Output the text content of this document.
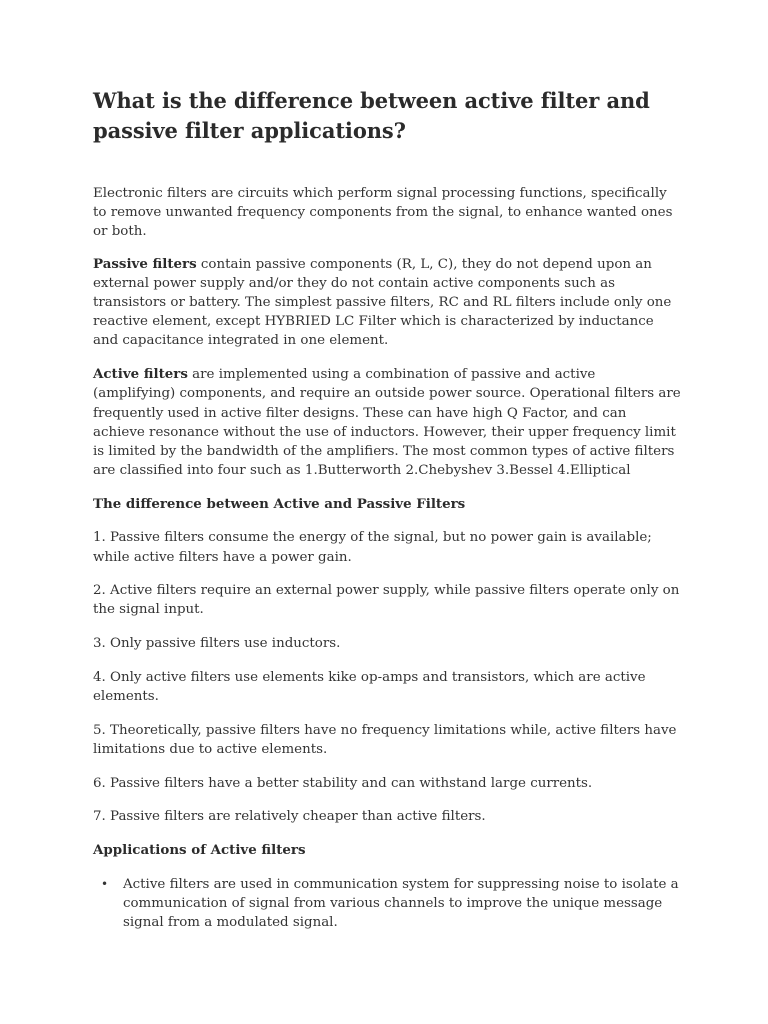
What is the difference between active filter and passive filter applications?

Electronic filters are circuits which perform signal processing functions, specifically to remove unwanted frequency components from the signal, to enhance wanted ones or both.

Passive filters contain passive components (R, L, C), they do not depend upon an external power supply and/or they do not contain active components such as transistors or battery. The simplest passive filters, RC and RL filters include only one reactive element, except HYBRIED LC Filter which is characterized by inductance and capacitance integrated in one element.

Active filters are implemented using a combination of passive and active (amplifying) components, and require an outside power source. Operational filters are frequently used in active filter designs. These can have high Q Factor, and can achieve resonance without the use of inductors. However, their upper frequency limit is limited by the bandwidth of the amplifiers. The most common types of active filters are classified into four such as 1.Butterworth 2.Chebyshev 3.Bessel 4.Elliptical

The difference between Active and Passive Filters
1. Passive filters consume the energy of the signal, but no power gain is available; while active filters have a power gain.
2. Active filters require an external power supply, while passive filters operate only on the signal input.
3. Only passive filters use inductors.
4. Only active filters use elements kike op-amps and transistors, which are active elements.
5. Theoretically, passive filters have no frequency limitations while, active filters have limitations due to active elements.
6. Passive filters have a better stability and can withstand large currents.
7. Passive filters are relatively cheaper than active filters.
Applications of Active filters
• Active filters are used in communication system for suppressing noise to isolate a communication of signal from various channels to improve the unique message signal from a modulated signal.
